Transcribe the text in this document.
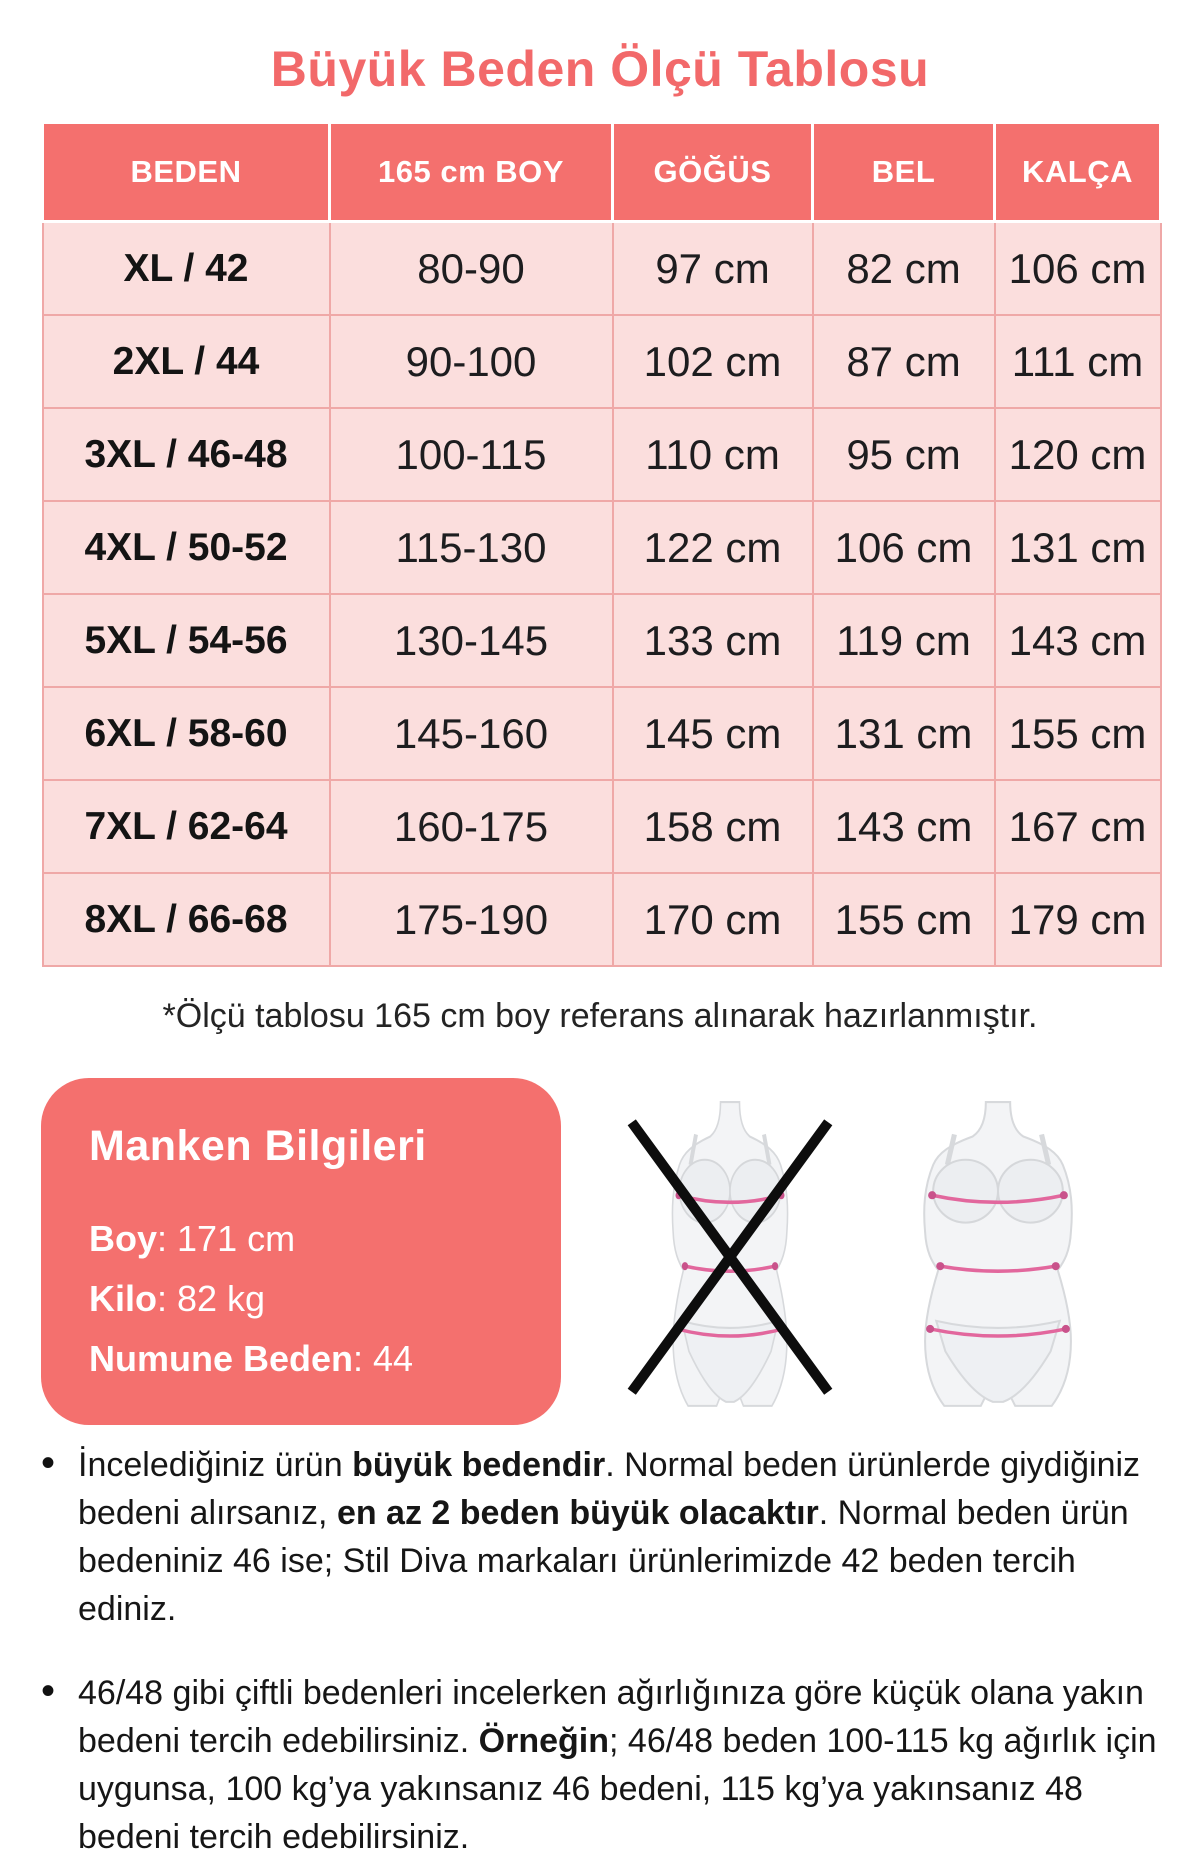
Büyük Beden Ölçü Tablosu
BEDEN	165 cm BOY	GÖĞÜS	BEL	KALÇA
XL / 42	80-90	97 cm	82 cm	106 cm
2XL / 44	90-100	102 cm	87 cm	111 cm
3XL / 46-48	100-115	110 cm	95 cm	120 cm
4XL / 50-52	115-130	122 cm	106 cm	131 cm
5XL / 54-56	130-145	133 cm	119 cm	143 cm
6XL / 58-60	145-160	145 cm	131 cm	155 cm
7XL / 62-64	160-175	158 cm	143 cm	167 cm
8XL / 66-68	175-190	170 cm	155 cm	179 cm

*Ölçü tablosu 165 cm boy referans alınarak hazırlanmıştır.

Manken Bilgileri
Boy: 171 cm
Kilo: 82 kg
Numune Beden: 44
• İncelediğiniz ürün büyük bedendir. Normal beden ürünlerde giydiğiniz bedeni alırsanız, en az 2 beden büyük olacaktır. Normal beden ürün bedeniniz 46 ise; Stil Diva markaları ürünlerimizde 42 beden tercih ediniz.
• 46/48 gibi çiftli bedenleri incelerken ağırlığınıza göre küçük olana yakın bedeni tercih edebilirsiniz. Örneğin; 46/48 beden 100-115 kg ağırlık için uygunsa, 100 kg’ya yakınsanız 46 bedeni, 115 kg’ya yakınsanız 48 bedeni tercih edebilirsiniz.
